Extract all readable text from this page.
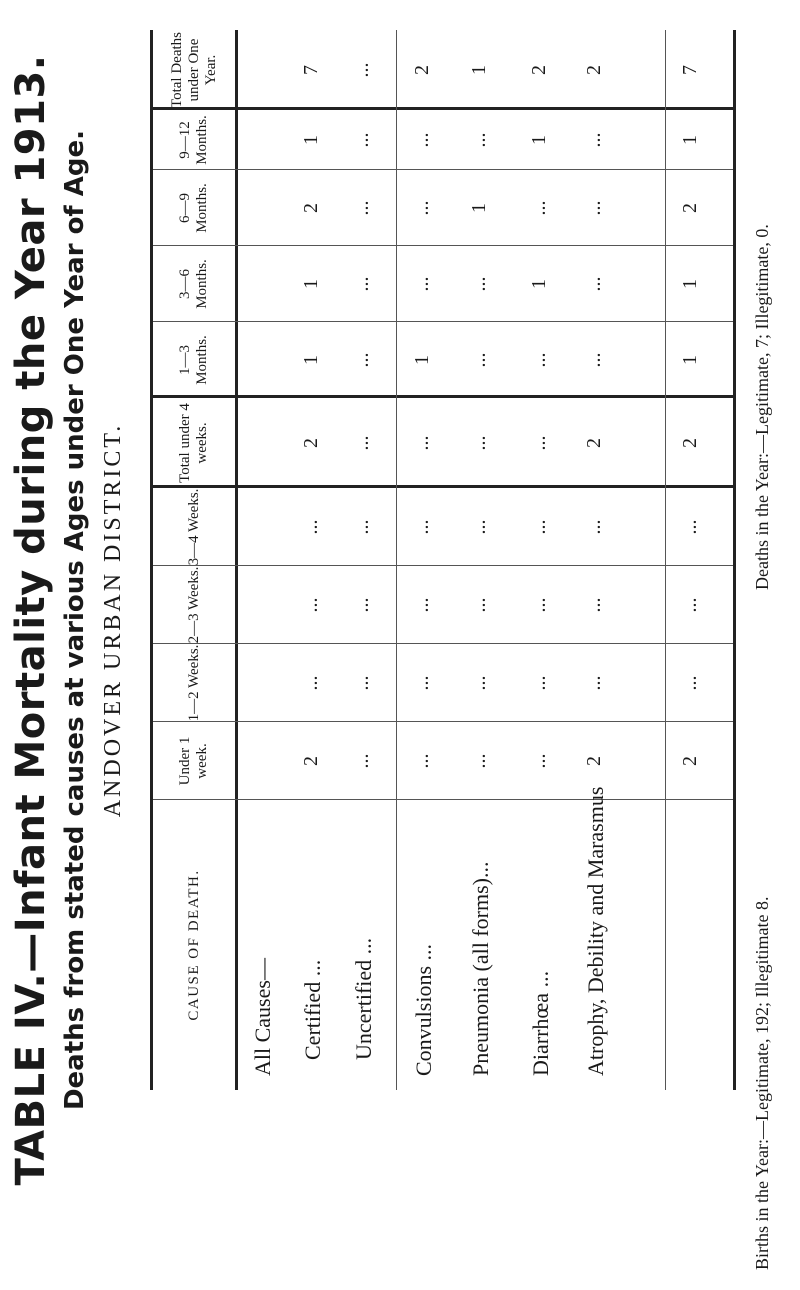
TABLE IV.—Infant Mortality during the Year 1913. Deaths from stated causes at various Ages under One Year of Age. ANDOVER URBAN DISTRICT.
CAUSE OF DEATH.
Under 1 week.
1—2 Weeks.
2—3 Weeks.
3—4 Weeks.
Total under 4 weeks.
1—3 Months.
3—6 Months.
6—9 Months.
9—12 Months.
Total Deaths under One Year.
All Causes— Certified ...
2
...
...
...
2
1
1
2
1
7
Uncertified ...
...
...
...
...
...
...
...
...
...
...
Convulsions ...
...
...
...
...
...
1
...
...
...
2
Pneumonia (all forms)...
...
...
...
...
...
...
...
1
...
1
Diarrhœa ...
...
...
...
...
...
...
1
...
1
2
Atrophy, Debility and Marasmus
2
...
...
...
2
...
...
...
...
2
2
...
...
...
2
1
1
2
1
7
Births in the Year:—Legitimate, 192; Illegitimate 8.
Deaths in the Year:—Legitimate, 7; Illegitimate, 0.
